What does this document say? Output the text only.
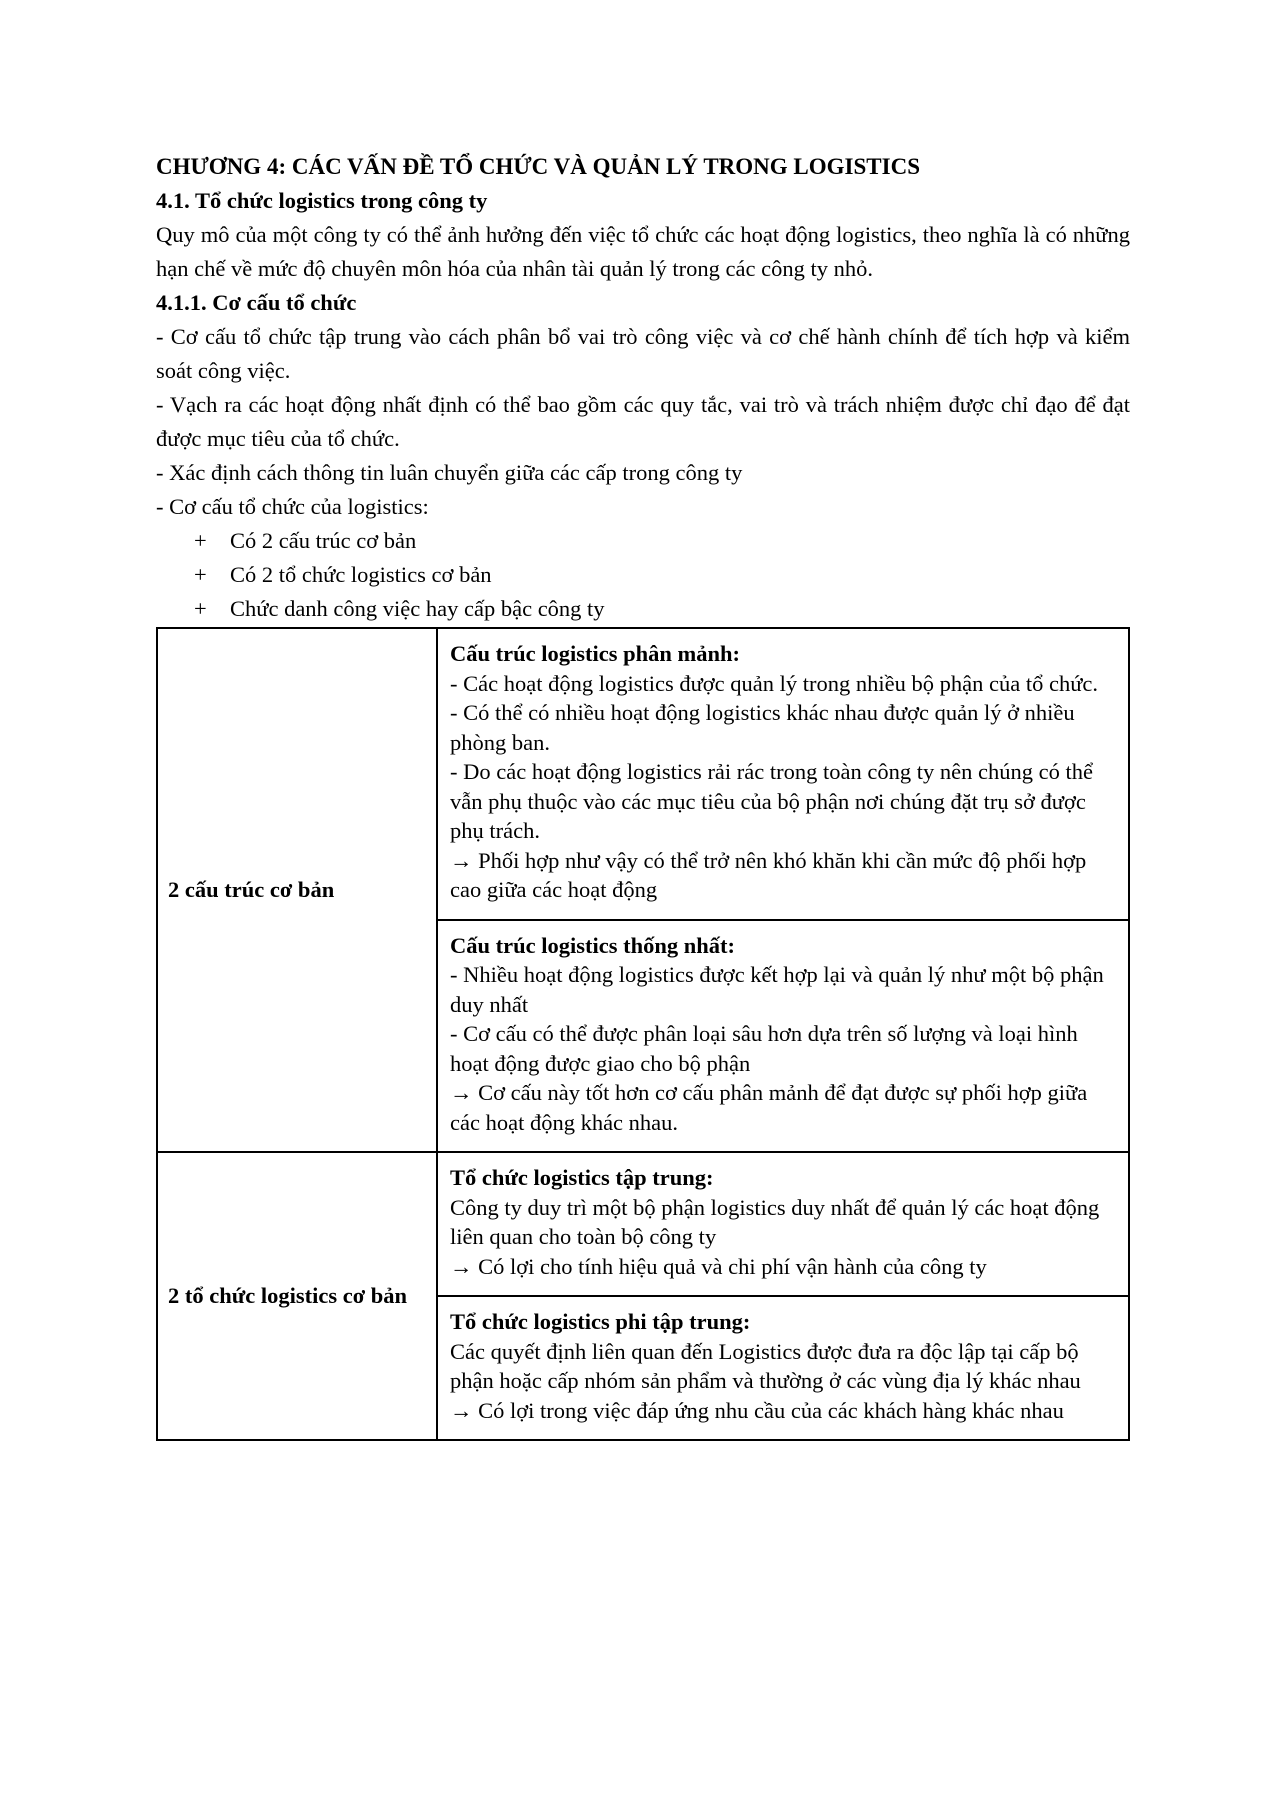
CHƯƠNG 4: CÁC VẤN ĐỀ TỔ CHỨC VÀ QUẢN LÝ TRONG LOGISTICS
4.1. Tổ chức logistics trong công ty
Quy mô của một công ty có thể ảnh hưởng đến việc tổ chức các hoạt động logistics, theo nghĩa là có những hạn chế về mức độ chuyên môn hóa của nhân tài quản lý trong các công ty nhỏ.
4.1.1. Cơ cấu tổ chức
- Cơ cấu tổ chức tập trung vào cách phân bổ vai trò công việc và cơ chế hành chính để tích hợp và kiểm soát công việc.
- Vạch ra các hoạt động nhất định có thể bao gồm các quy tắc, vai trò và trách nhiệm được chỉ đạo để đạt được mục tiêu của tổ chức.
- Xác định cách thông tin luân chuyển giữa các cấp trong công ty
- Cơ cấu tổ chức của logistics:
+	Có 2 cấu trúc cơ bản
+	Có 2 tổ chức logistics cơ bản
+	Chức danh công việc hay cấp bậc công ty
2 cấu trúc cơ bản	Cấu trúc logistics phân mảnh:
- Các hoạt động logistics được quản lý trong nhiều bộ phận của tổ chức.
- Có thể có nhiều hoạt động logistics khác nhau được quản lý ở nhiều phòng ban.
- Do các hoạt động logistics rải rác trong toàn công ty nên chúng có thể vẫn phụ thuộc vào các mục tiêu của bộ phận nơi chúng đặt trụ sở được phụ trách.
→ Phối hợp như vậy có thể trở nên khó khăn khi cần mức độ phối hợp cao giữa các hoạt động

	Cấu trúc logistics thống nhất:
- Nhiều hoạt động logistics được kết hợp lại và quản lý như một bộ phận duy nhất
- Cơ cấu có thể được phân loại sâu hơn dựa trên số lượng và loại hình hoạt động được giao cho bộ phận
→ Cơ cấu này tốt hơn cơ cấu phân mảnh để đạt được sự phối hợp giữa các hoạt động khác nhau.

2 tổ chức logistics cơ bản	Tổ chức logistics tập trung:
Công ty duy trì một bộ phận logistics duy nhất để quản lý các hoạt động liên quan cho toàn bộ công ty
→ Có lợi cho tính hiệu quả và chi phí vận hành của công ty

	Tổ chức logistics phi tập trung:
Các quyết định liên quan đến Logistics được đưa ra độc lập tại cấp bộ phận hoặc cấp nhóm sản phẩm và thường ở các vùng địa lý khác nhau
→ Có lợi trong việc đáp ứng nhu cầu của các khách hàng khác nhau
